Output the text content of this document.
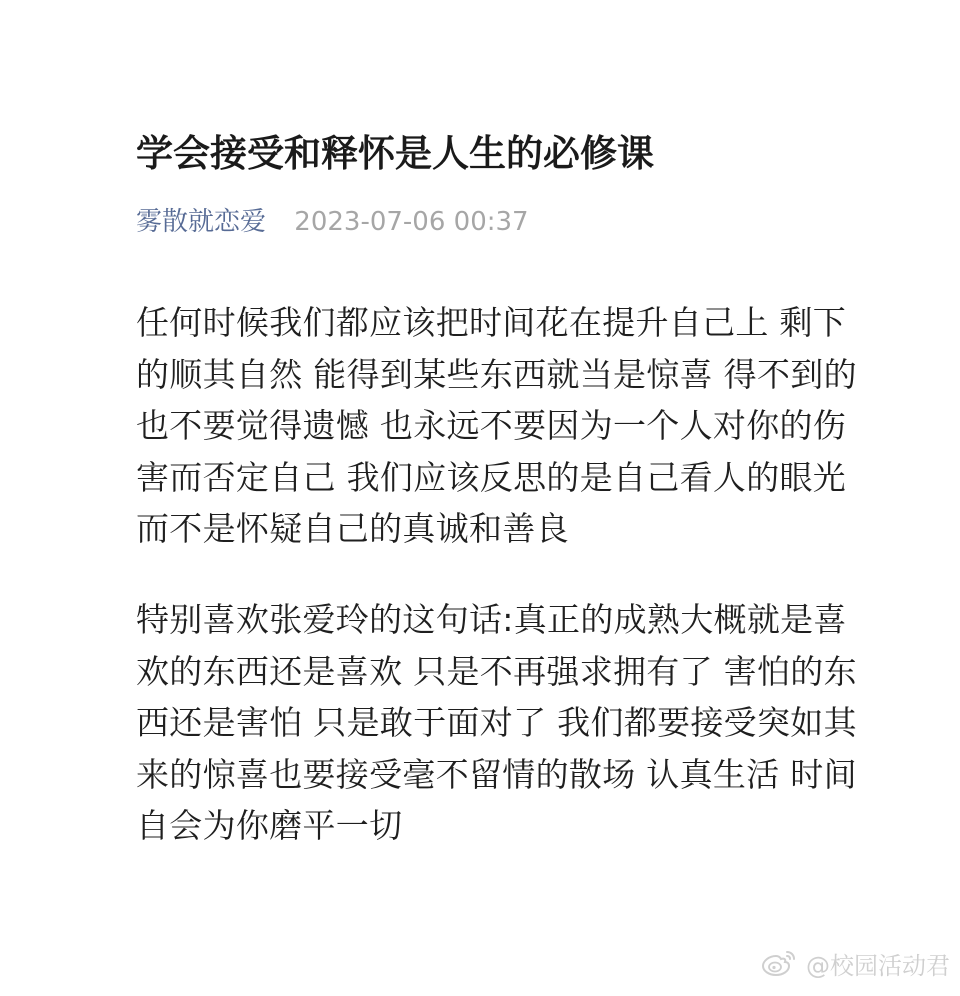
学会接受和释怀是人生的必修课
雾散就恋爱 2023-07-06 00:37

任何时候我们都应该把时间花在提升自己上 剩下
的顺其自然 能得到某些东西就当是惊喜 得不到的
也不要觉得遗憾 也永远不要因为一个人对你的伤
害而否定自己 我们应该反思的是自己看人的眼光
而不是怀疑自己的真诚和善良

特别喜欢张爱玲的这句话:真正的成熟大概就是喜
欢的东西还是喜欢 只是不再强求拥有了 害怕的东
西还是害怕 只是敢于面对了 我们都要接受突如其
来的惊喜也要接受毫不留情的散场 认真生活 时间
自会为你磨平一切

@校园活动君
